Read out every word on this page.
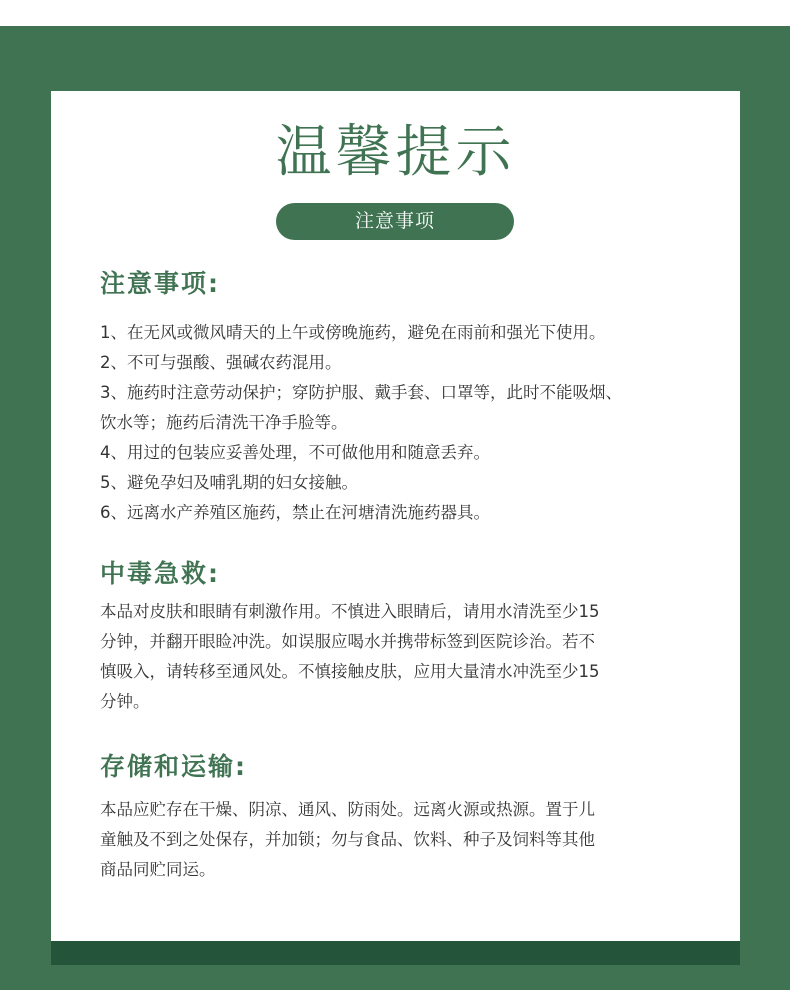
温馨提示
注意事项
注意事项:
1、在无风或微风晴天的上午或傍晚施药，避免在雨前和强光下使用。
2、不可与强酸、强碱农药混用。
3、施药时注意劳动保护；穿防护服、戴手套、口罩等，此时不能吸烟、
饮水等；施药后清洗干净手脸等。
4、用过的包装应妥善处理，不可做他用和随意丢弃。
5、避免孕妇及哺乳期的妇女接触。
6、远离水产养殖区施药，禁止在河塘清洗施药器具。
中毒急救:
本品对皮肤和眼睛有刺激作用。不慎进入眼睛后，请用水清洗至少15
分钟，并翻开眼睑冲洗。如误服应喝水并携带标签到医院诊治。若不
慎吸入，请转移至通风处。不慎接触皮肤，应用大量清水冲洗至少15
分钟。
存储和运输:
本品应贮存在干燥、阴凉、通风、防雨处。远离火源或热源。置于儿
童触及不到之处保存，并加锁；勿与食品、饮料、种子及饲料等其他
商品同贮同运。
